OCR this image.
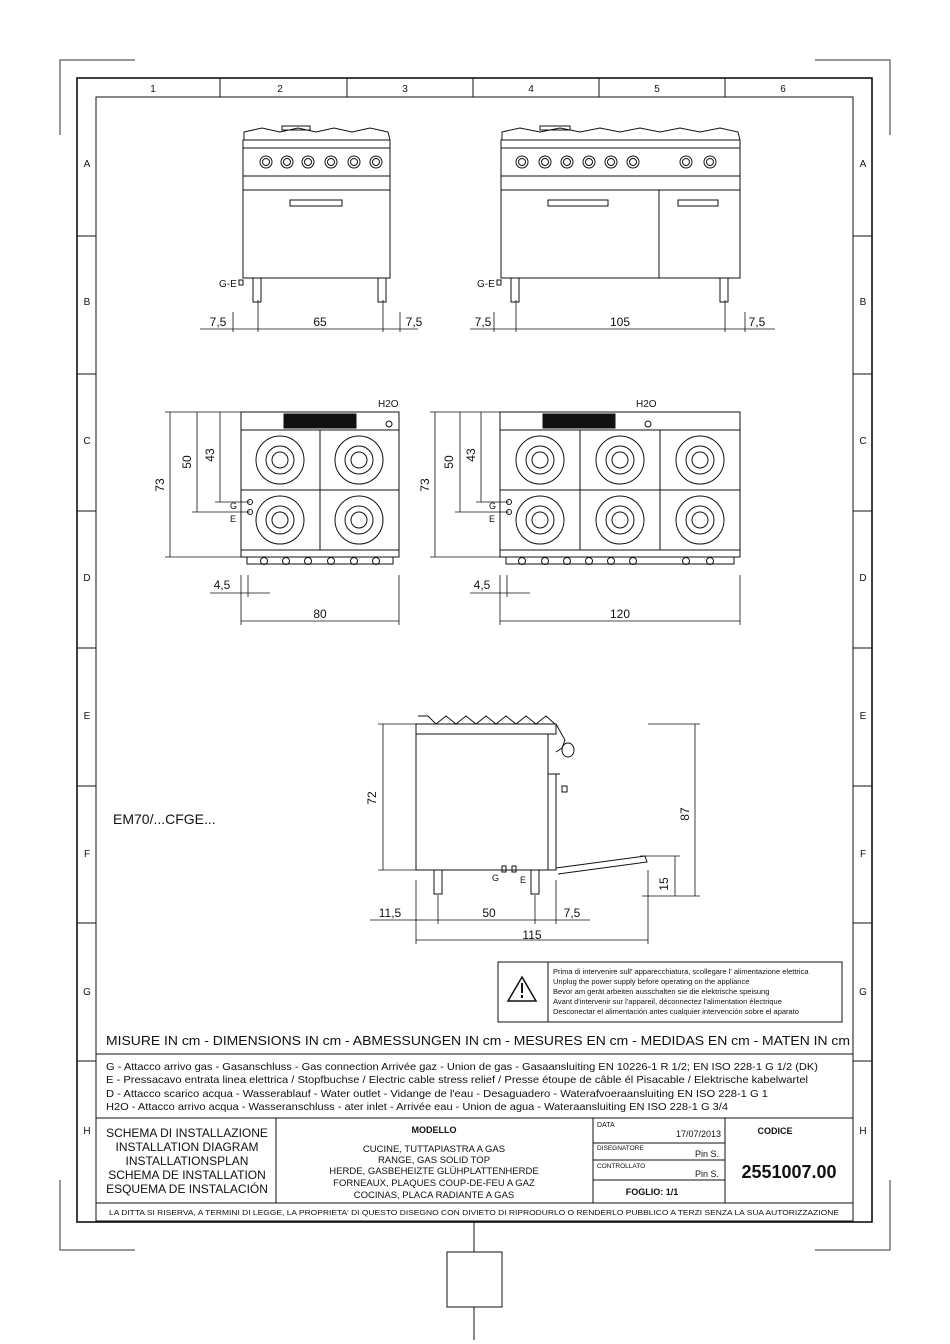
1	2	3	4	5	6
A
B
C
D
E
F
G
H
A
B
C
D
E
F
G
H
G-E
7,5	65	7,5
G-E
7,5	105	7,5
H2O
G
E
73
50
43
4,5
80
H2O
G
E
73
50
43
4,5
120
72
87
15
11,5	50	7,5
115
G E
EM70/...CFGE...
Prima di intervenire sull' apparecchiatura, scollegare l' alimentazione elettrica
Unplug the power supply before operating on the appliance
Bevor am gerät arbeiten ausschalten sie die elektrische speisung
Avant d'intervenir sur l'appareil, déconnectez l'alimentation électrique
Desconectar el alimentación antes cualquier intervención sobre el aparato
MISURE IN cm - DIMENSIONS IN cm - ABMESSUNGEN IN cm - MESURES EN cm - MEDIDAS EN cm - MATEN IN cm
G - Attacco arrivo gas - Gasanschluss - Gas connection Arrivée gaz - Union de gas - Gasaansluiting EN 10226-1 R 1/2; EN ISO 228-1 G 1/2 (DK)
E - Pressacavo entrata linea elettrica / Stopfbuchse / Electric cable stress relief / Presse étoupe de câble él Pisacable / Elektrische kabelwartel
D - Attacco scarico acqua - Wasserablauf - Water outlet - Vidange de l'eau - Desaguadero - Waterafvoeraansluiting EN ISO 228-1 G 1
H2O - Attacco arrivo acqua - Wasseranschluss - ater inlet - Arrivée eau - Union de agua - Wateraansluiting EN ISO 228-1 G 3/4
SCHEMA DI INSTALLAZIONE
INSTALLATION DIAGRAM
INSTALLATIONSPLAN
SCHEMA DE INSTALLATION
ESQUEMA DE INSTALACIÓN
MODELLO
CUCINE, TUTTAPIASTRA A GAS
RANGE, GAS SOLID TOP
HERDE, GASBEHEIZTE GLÜHPLATTENHERDE
FORNEAUX, PLAQUES COUP-DE-FEU A GAZ
COCINAS, PLACA RADIANTE A GAS
DATA
17/07/2013
DISEGNATORE
Pin S.
CONTROLLATO
Pin S.
FOGLIO: 1/1
CODICE
2551007.00
LA DITTA SI RISERVA, A TERMINI DI LEGGE, LA PROPRIETA' DI QUESTO DISEGNO CON DIVIETO DI RIPRODURLO O RENDERLO PUBBLICO A TERZI SENZA LA SUA AUTORIZZAZIONE
